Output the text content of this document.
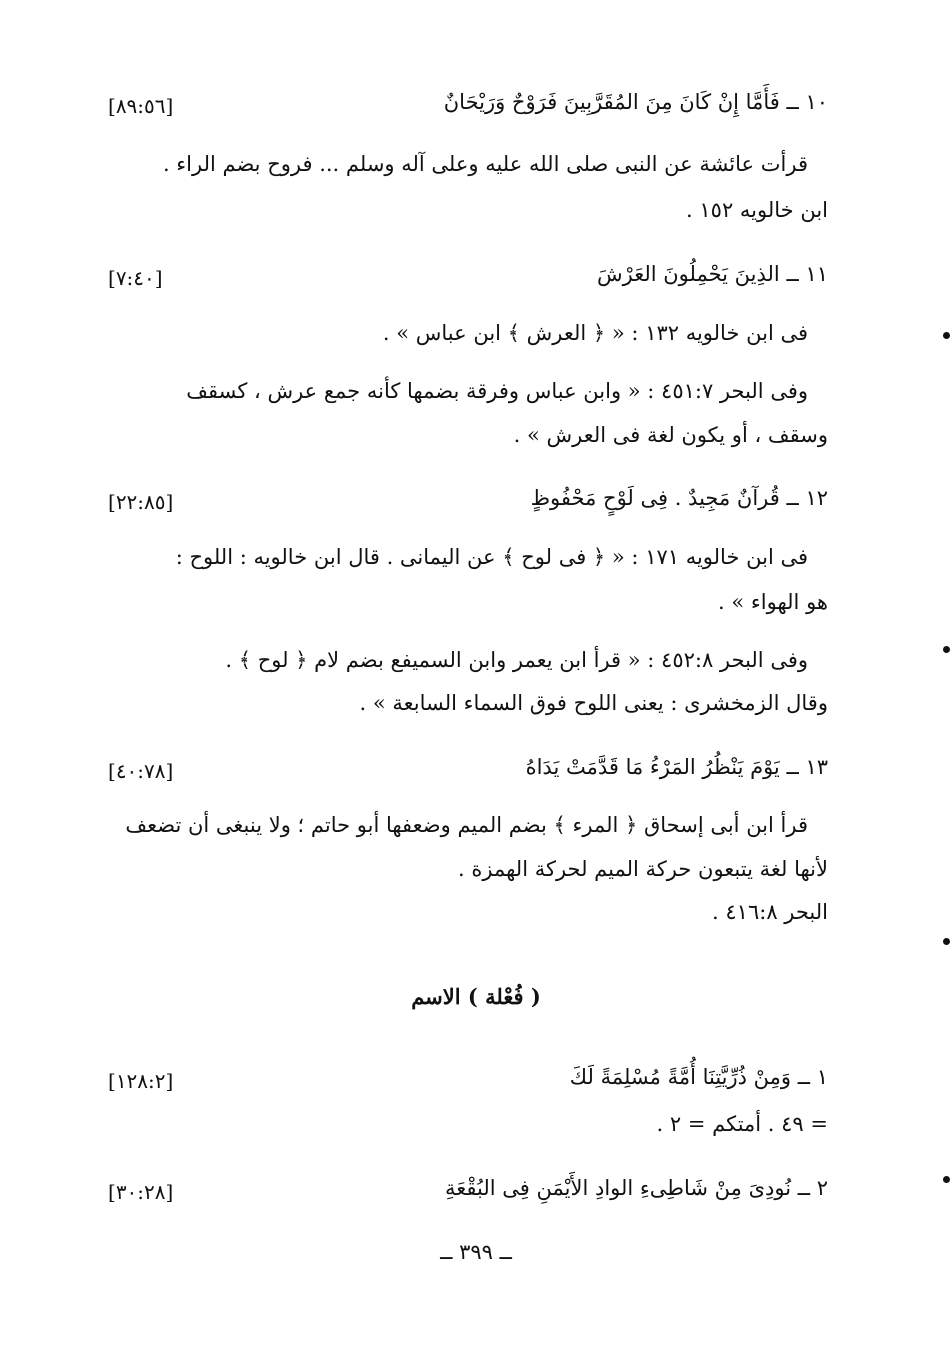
١٠ ــ فَأَمَّا إِنْ كَانَ مِنَ المُقَرَّبِينَ فَرَوْحٌ وَرَيْحَانٌ
[٨٩:٥٦]
قرأت عائشة عن النبى صلى الله عليه وعلى آله وسلم ... فروح بضم الراء .
ابن خالويه ١٥٢ .
١١ ــ الذِينَ يَحْمِلُونَ العَرْشَ
[٧:٤٠]
فى ابن خالويه ١٣٢ : « ﴿ العرش ﴾ ابن عباس » .
وفى البحر ٤٥١:٧ : « وابن عباس وفرقة بضمها كأنه جمع عرش ، كسقف
وسقف ، أو يكون لغة فى العرش » .
١٢ ــ قُرآنٌ مَجِيدٌ . فِى لَوْحٍ مَحْفُوظٍ
[٢٢:٨٥]
فى ابن خالويه ١٧١ : « ﴿ فى لوح ﴾ عن اليمانى . قال ابن خالويه : اللوح :
هو الهواء » .
وفى البحر ٤٥٢:٨ : « قرأ ابن يعمر وابن السميفع بضم لام ﴿ لوح ﴾ .
وقال الزمخشرى : يعنى اللوح فوق السماء السابعة » .
١٣ ــ يَوْمَ يَنْظُرُ المَرْءُ مَا قَدَّمَتْ يَدَاهُ
[٤٠:٧٨]
قرأ ابن أبى إسحاق ﴿ المرء ﴾ بضم الميم وضعفها أبو حاتم ؛ ولا ينبغى أن تضعف
لأنها لغة يتبعون حركة الميم لحركة الهمزة .
البحر ٤١٦:٨ .
( فُعْلة ) الاسم
١ ــ وَمِنْ ذُرِّيَّتِنَا أُمَّةً مُسْلِمَةً لَكَ
[١٢٨:٢]
= ٤٩ . أمتكم = ٢ .
٢ ــ نُودِىَ مِنْ شَاطِىءِ الوادِ الأَيْمَنِ فِى البُقْعَةِ
[٣٠:٢٨]
ــ ٣٩٩ ــ
